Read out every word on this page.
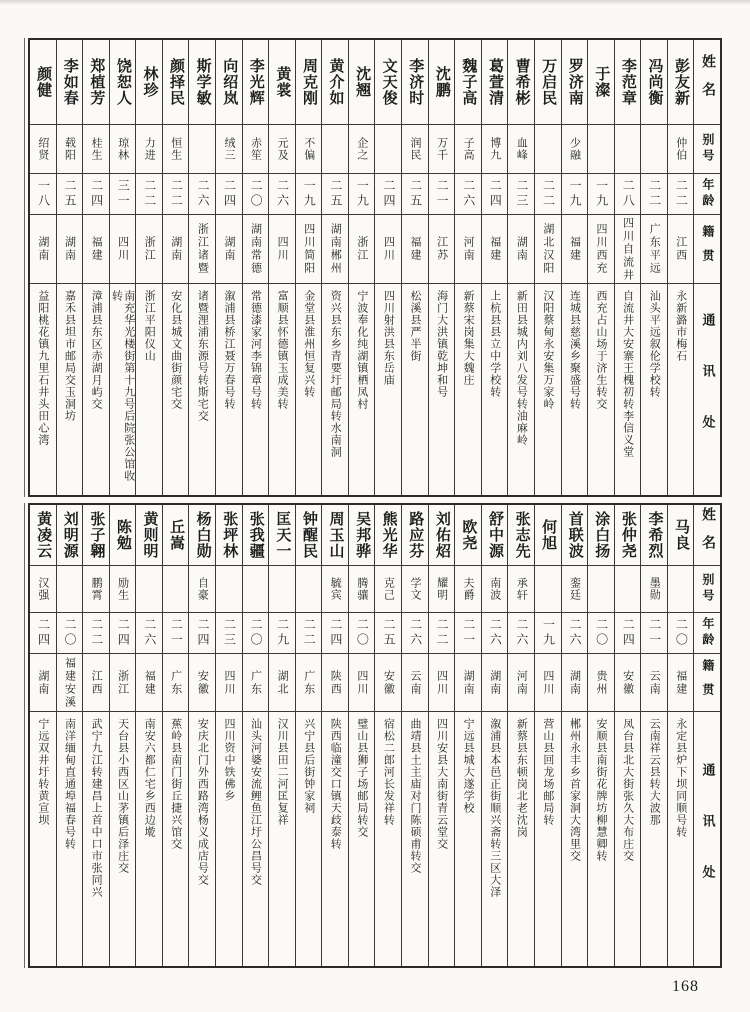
姓名
别号
年龄
籍贯
通讯处
彭友新
仲伯
二二
江西
永新潞市梅石
冯尚衡
二二
广东平远
汕头平远叙伦学校转
李范章
二八
四川自流井
自流井大安寨王槐初转李信义堂
于澯
一九
四川西充
西充占山场于济生转交
罗济南
少融
一九
福建
连城县慈溪乡聚盛号转
万启民
二二
湖北汉阳
汉阳蔡甸永安集万家岭
曹希彬
血峰
二三
湖南
新田县城内刘八发号转油麻岭
葛萱清
博九
二四
福建
上杭县县立中学校转
魏子高
子高
二六
河南
新蔡宋岗集大魏庄
沈鹏
万千
二一
江苏
海门大洪镇乾坤和号
李济时
润民
二五
福建
松溪县严半街
文天俊
二四
四川
四川射洪县东岳庙
沈翘
企之
一九
浙江
宁波奉化纯湖镇栖凤村
黄介如
二五
湖南郴州
资兴县东乡青要圩邮局转水南洞
周克刚
不偏
一九
四川简阳
金堂县淮州恒复兴转
黄裳
元及
二六
四川
富顺县怀德镇玉成美转
李光辉
赤笙
二〇
湖南常德
常德漆家河李锦章号转
向绍岚
绒三
二四
湖南
溆浦县桥江聂万春号转
斯学敏
二六
浙江诸暨
诸暨浬浦东源号转斯宅交
颜择民
恒生
二二
湖南
安化县城文曲街颜宅交
林珍
力进
二二
浙江
浙江平阳仪山
饶恕人
琼林
三一
四川
南充华光楼街第十九号后院张公馆收转
郑植芳
桂生
二四
福建
漳浦县东区赤湖月屿交
李如春
载阳
二五
湖南
嘉禾县坦市邮局交玉洞坊
颜健
绍贤
一八
湖南
益阳桃花镇九里石井头田心湾
姓名
别号
年龄
籍贯
通讯处
马良
二〇
福建
永定县炉下坝同顺号转
李希烈
墨勋
二一
云南
云南祥云县转大波那
张仲尧
二四
安徽
凤台县北大街张久大布庄交
涂白扬
二〇
贵州
安顺县南街花牌坊柳慧卿转
首联波
銮廷
二六
湖南
郴州永丰乡首家洞大湾里交
何旭
一九
四川
营山县回龙场邮局转
张志先
承轩
二六
河南
新蔡县东顿岗北老沈岗
舒中源
南波
二六
湖南
溆浦县本邑正街顺兴斋转三区大泽
欧尧
夫爵
二一
湖南
宁远县城大遂学校
刘佑炤
耀明
二二
四川
四川安县大南街青云堂交
路应芬
学文
二六
云南
曲靖县土主庙对门陈硕甫转交
熊光华
克己
二五
安徽
宿松二郎河长发祥转
吴邦骅
腾骧
二〇
四川
璧山县狮子场邮局转交
周玉山
毓宾
二四
陕西
陕西临潼交口镇天歧泰转
钟醒民
二二
广东
兴宁县后街钟家祠
匡天一
二九
湖北
汉川县田二河匡复祥
张我疆
二〇
广东
汕头河婆安流鲤鱼江圩公昌号交
张坪林
二三
四川
四川资中铁佛乡
杨白勋
自豪
二四
安徽
安庆北门外西路湾杨义成店号交
丘嵩
二一
广东
蕉岭县南门街丘捷兴馆交
黄则明
二六
福建
南安六都仁宅乡西边墘
陈勉
励生
二四
浙江
天台县小西区山茅镇后泽庄交
张子翱
鹏霄
二二
江西
武宁九江转建昌上首中口市张同兴
刘明源
二〇
福建安溪
南洋缅甸直通埠福春号转
黄凌云
汉强
二四
湖南
宁远双井圩转黄宣坝
168
